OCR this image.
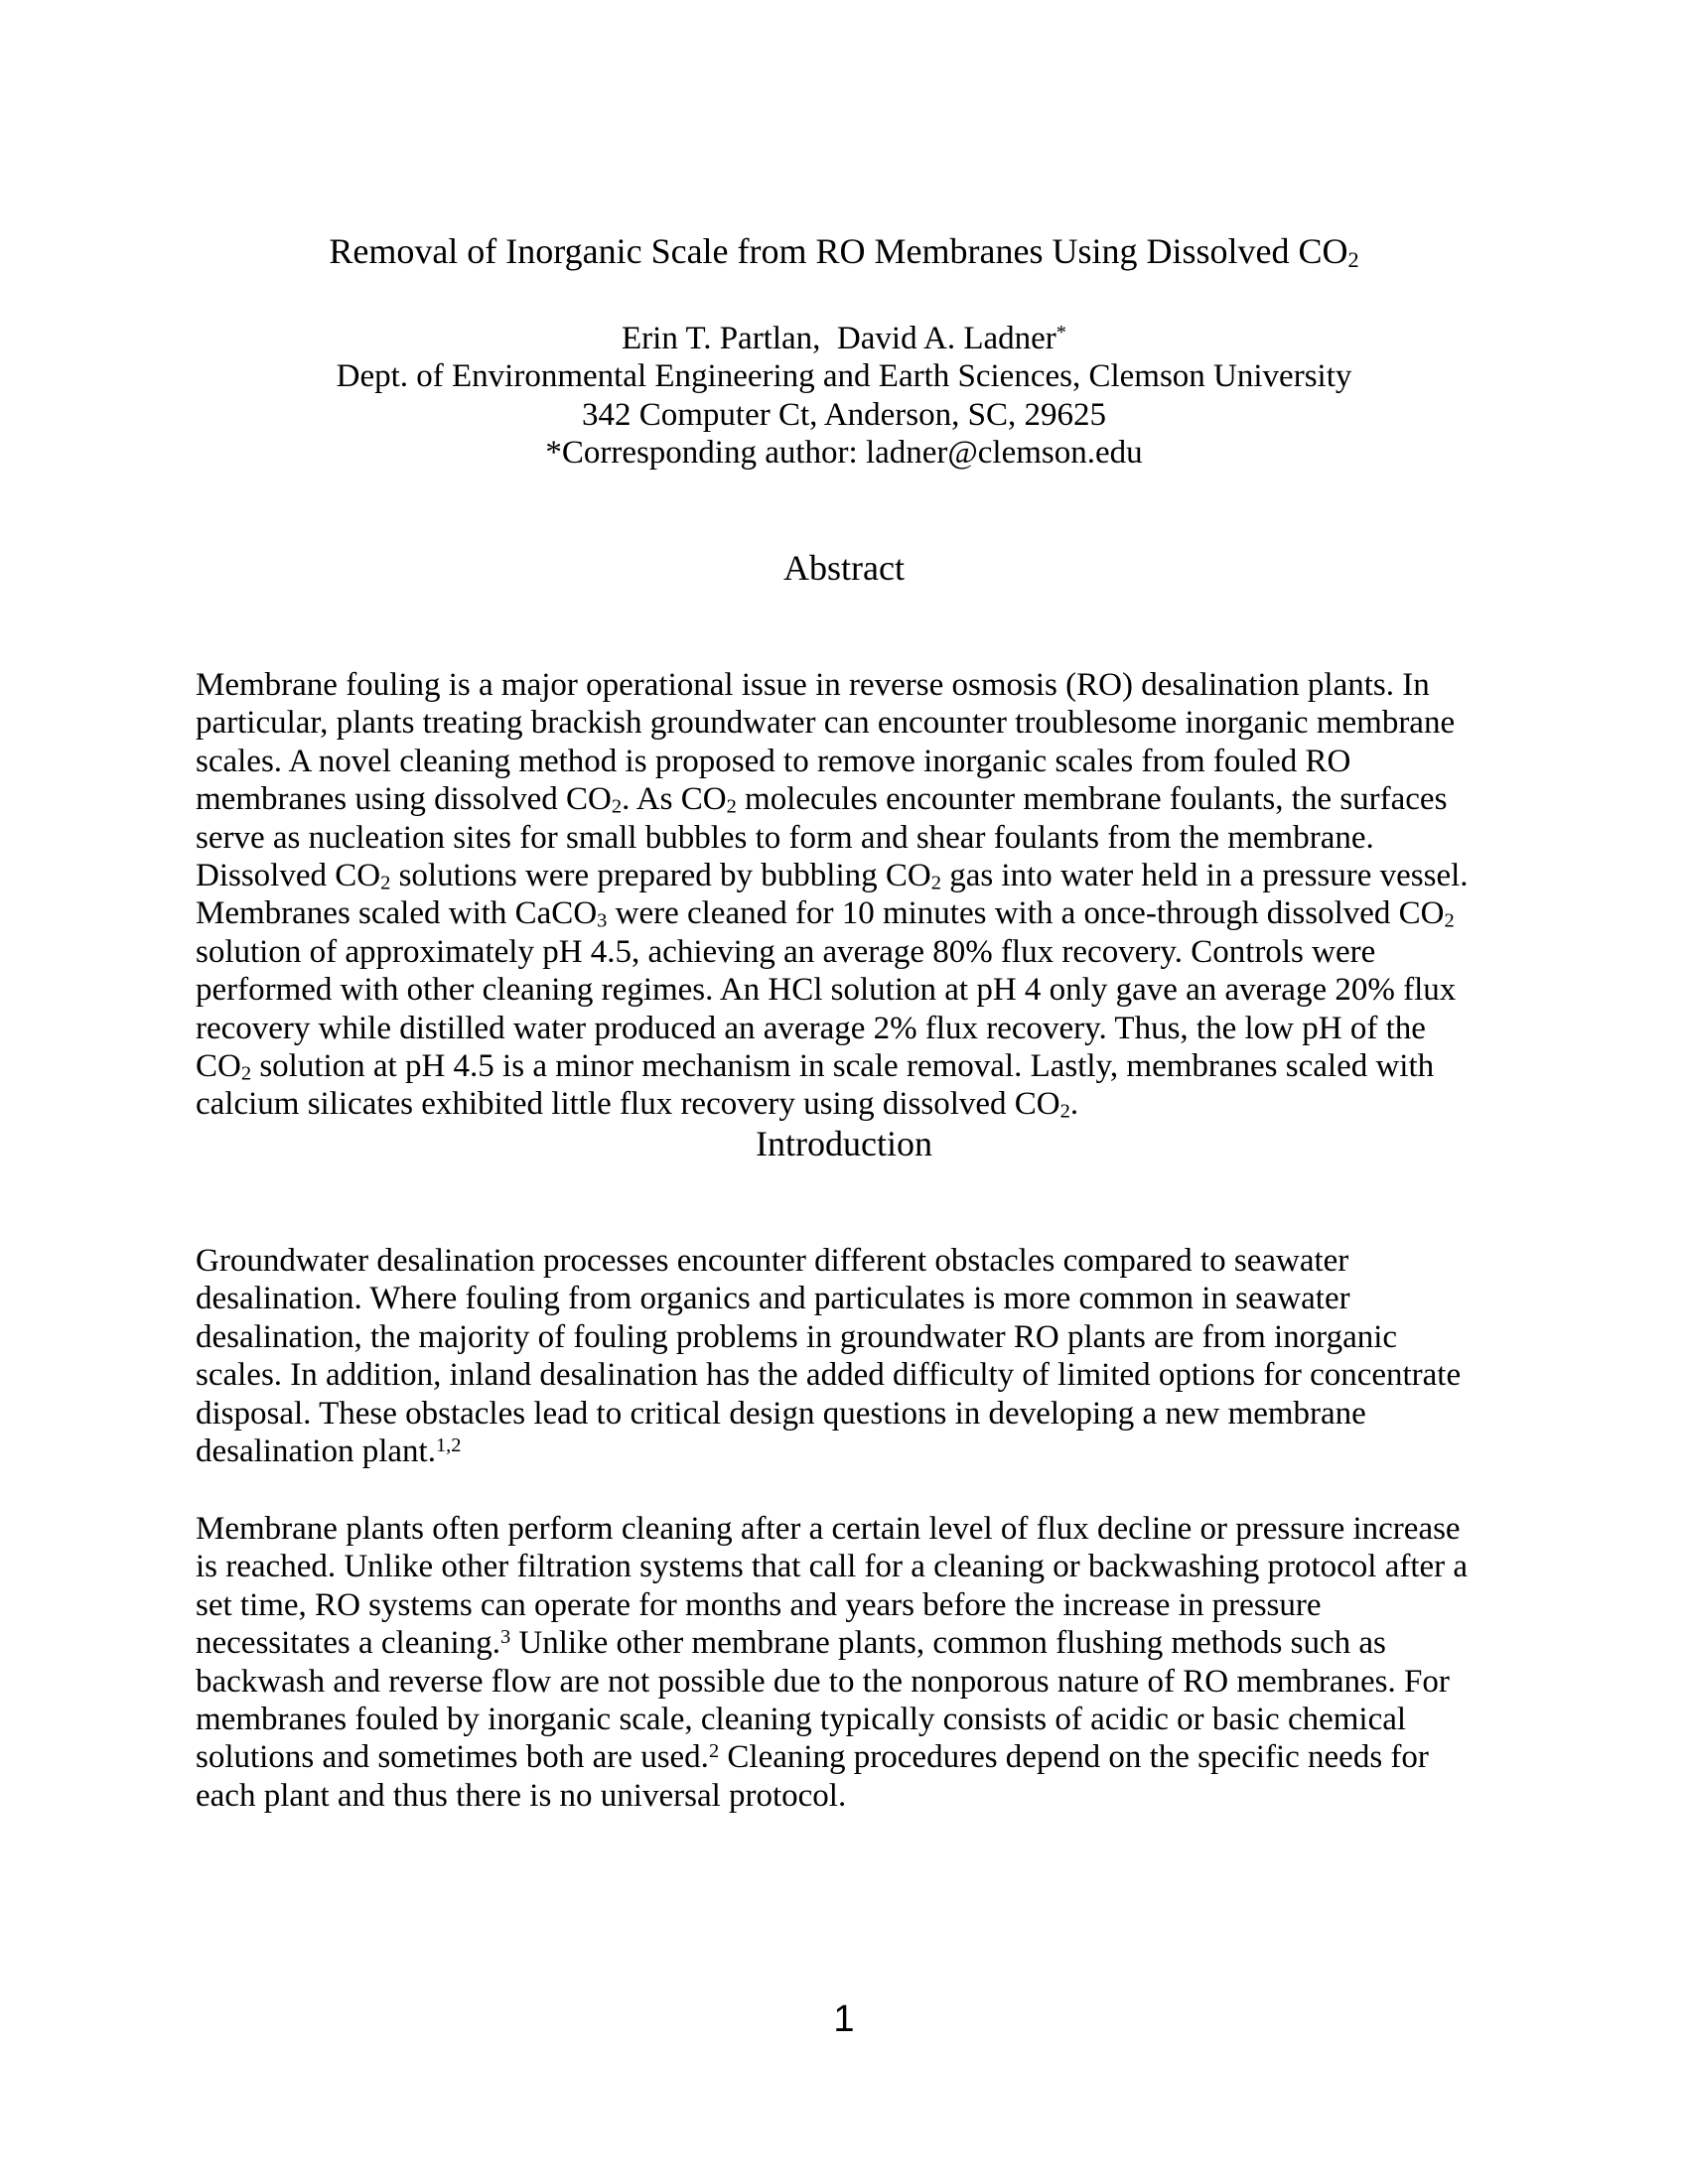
Removal of Inorganic Scale from RO Membranes Using Dissolved $CO_2$
Erin T. Partlan,  David A. Ladner*
Dept. of Environmental Engineering and Earth Sciences, Clemson University
342 Computer Ct, Anderson, SC, 29625
*Corresponding author: ladner@clemson.edu
Abstract

Membrane fouling is a major operational issue in reverse osmosis (RO) desalination plants. In
particular, plants treating brackish groundwater can encounter troublesome inorganic membrane
scales. A novel cleaning method is proposed to remove inorganic scales from fouled RO
membranes using dissolved $CO_2$. As $CO_2$ molecules encounter membrane foulants, the surfaces
serve as nucleation sites for small bubbles to form and shear foulants from the membrane.
Dissolved $CO_2$ solutions were prepared by bubbling $CO_2$ gas into water held in a pressure vessel.
Membranes scaled with CaCO$_3$ were cleaned for 10 minutes with a once-through dissolved $CO_2$
solution of approximately pH 4.5, achieving an average 80% flux recovery. Controls were
performed with other cleaning regimes. An HCl solution at pH 4 only gave an average 20% flux
recovery while distilled water produced an average 2% flux recovery. Thus, the low pH of the
$CO_2$ solution at pH 4.5 is a minor mechanism in scale removal. Lastly, membranes scaled with
calcium silicates exhibited little flux recovery using dissolved $CO_2$.

Introduction

Groundwater desalination processes encounter different obstacles compared to seawater
desalination. Where fouling from organics and particulates is more common in seawater
desalination, the majority of fouling problems in groundwater RO plants are from inorganic
scales. In addition, inland desalination has the added difficulty of limited options for concentrate
disposal. These obstacles lead to critical design questions in developing a new membrane
desalination plant.$^{1,2}$

Membrane plants often perform cleaning after a certain level of flux decline or pressure increase
is reached. Unlike other filtration systems that call for a cleaning or backwashing protocol after a
set time, RO systems can operate for months and years before the increase in pressure
necessitates a cleaning.$^3$ Unlike other membrane plants, common flushing methods such as
backwash and reverse flow are not possible due to the nonporous nature of RO membranes. For
membranes fouled by inorganic scale, cleaning typically consists of acidic or basic chemical
solutions and sometimes both are used.$^2$ Cleaning procedures depend on the specific needs for
each plant and thus there is no universal protocol.

1
